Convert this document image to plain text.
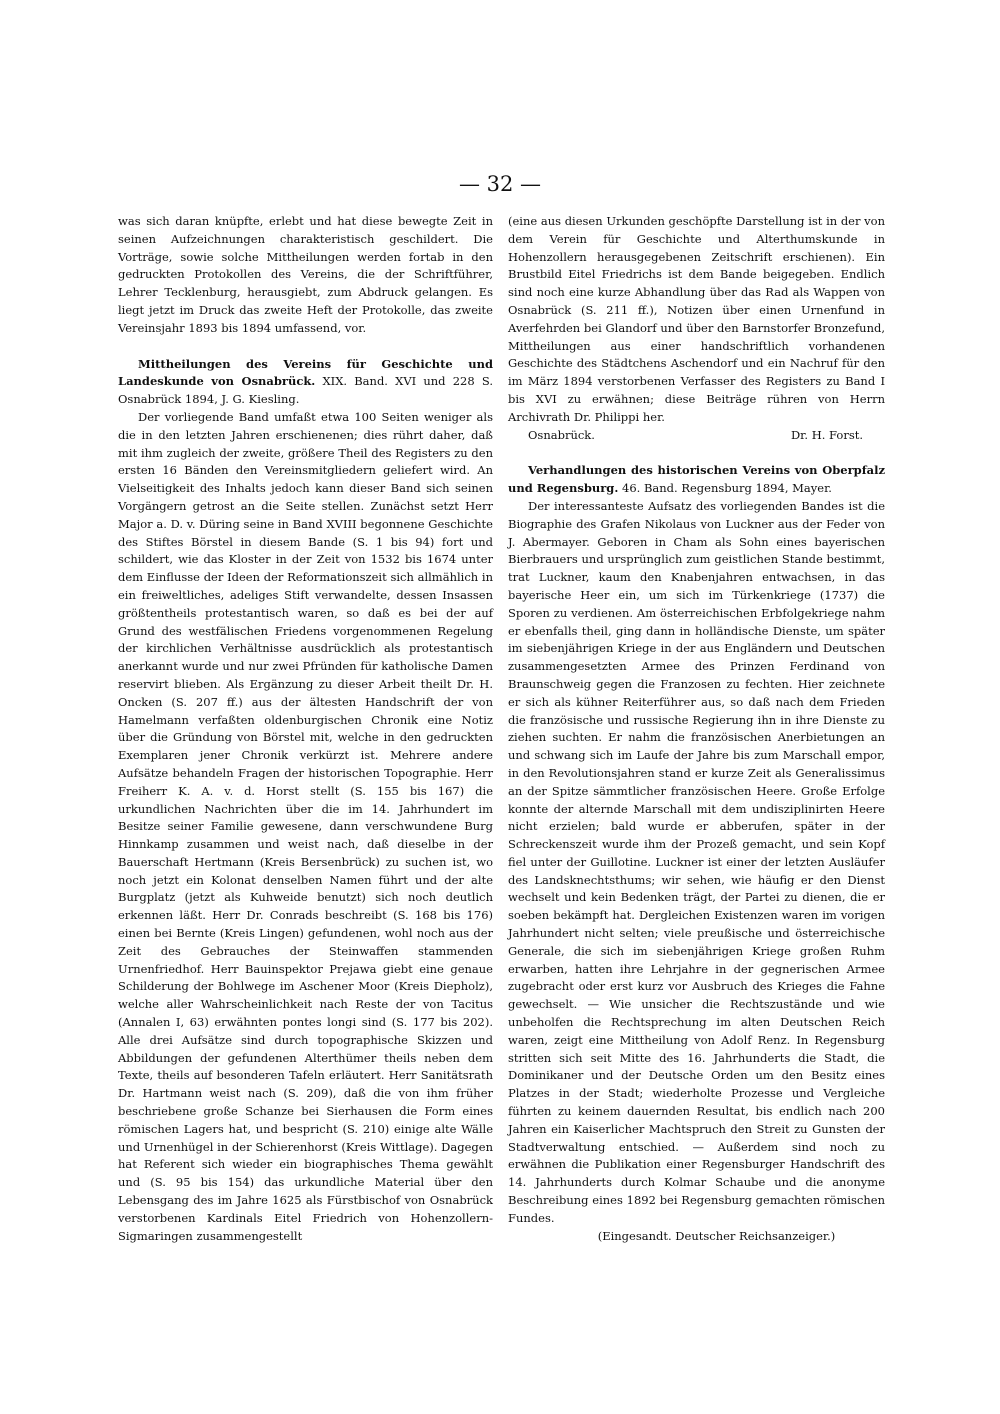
— 32 —

was sich daran knüpfte, erlebt und hat diese bewegte Zeit in seinen Aufzeichnungen charakteristisch geschildert. Die Vorträge, sowie solche Mittheilungen werden fortab in den gedruckten Protokollen des Vereins, die der Schriftführer, Lehrer Tecklenburg, herausgiebt, zum Abdruck gelangen. Es liegt jetzt im Druck das zweite Heft der Protokolle, das zweite Vereinsjahr 1893 bis 1894 umfassend, vor.

Mittheilungen des Vereins für Geschichte und Landeskunde von Osnabrück. XIX. Band. XVI und 228 S. Osnabrück 1894, J. G. Kiesling.

Der vorliegende Band umfaßt etwa 100 Seiten weniger als die in den letzten Jahren erschienenen; dies rührt daher, daß mit ihm zugleich der zweite, größere Theil des Registers zu den ersten 16 Bänden den Vereinsmitgliedern geliefert wird. An Vielseitigkeit des Inhalts jedoch kann dieser Band sich seinen Vorgängern getrost an die Seite stellen. Zunächst setzt Herr Major a. D. v. Düring seine in Band XVIII begonnene Geschichte des Stiftes Börstel in diesem Bande (S. 1 bis 94) fort und schildert, wie das Kloster in der Zeit von 1532 bis 1674 unter dem Einflusse der Ideen der Reformationszeit sich allmählich in ein freiweltliches, adeliges Stift verwandelte, dessen Insassen größtentheils protestantisch waren, so daß es bei der auf Grund des westfälischen Friedens vorgenommenen Regelung der kirchlichen Verhältnisse ausdrücklich als protestantisch anerkannt wurde und nur zwei Pfründen für katholische Damen reservirt blieben. Als Ergänzung zu dieser Arbeit theilt Dr. H. Oncken (S. 207 ff.) aus der ältesten Handschrift der von Hamelmann verfaßten oldenburgischen Chronik eine Notiz über die Gründung von Börstel mit, welche in den gedruckten Exemplaren jener Chronik verkürzt ist. Mehrere andere Aufsätze behandeln Fragen der historischen Topographie. Herr Freiherr K. A. v. d. Horst stellt (S. 155 bis 167) die urkundlichen Nachrichten über die im 14. Jahrhundert im Besitze seiner Familie gewesene, dann verschwundene Burg Hinnkamp zusammen und weist nach, daß dieselbe in der Bauerschaft Hertmann (Kreis Bersenbrück) zu suchen ist, wo noch jetzt ein Kolonat denselben Namen führt und der alte Burgplatz (jetzt als Kuhweide benutzt) sich noch deutlich erkennen läßt. Herr Dr. Conrads beschreibt (S. 168 bis 176) einen bei Bernte (Kreis Lingen) gefundenen, wohl noch aus der Zeit des Gebrauches der Steinwaffen stammenden Urnenfriedhof. Herr Bauinspektor Prejawa giebt eine genaue Schilderung der Bohlwege im Aschener Moor (Kreis Diepholz), welche aller Wahrscheinlichkeit nach Reste der von Tacitus (Annalen I, 63) erwähnten pontes longi sind (S. 177 bis 202). Alle drei Aufsätze sind durch topographische Skizzen und Abbildungen der gefundenen Alterthümer theils neben dem Texte, theils auf besonderen Tafeln erläutert. Herr Sanitätsrath Dr. Hartmann weist nach (S. 209), daß die von ihm früher beschriebene große Schanze bei Sierhausen die Form eines römischen Lagers hat, und bespricht (S. 210) einige alte Wälle und Urnenhügel in der Schierenhorst (Kreis Wittlage). Dagegen hat Referent sich wieder ein biographisches Thema gewählt und (S. 95 bis 154) das urkundliche Material über den Lebensgang des im Jahre 1625 als Fürstbischof von Osnabrück verstorbenen Kardinals Eitel Friedrich von Hohenzollern-Sigmaringen zusammengestellt

(eine aus diesen Urkunden geschöpfte Darstellung ist in der von dem Verein für Geschichte und Alterthumskunde in Hohenzollern herausgegebenen Zeitschrift erschienen). Ein Brustbild Eitel Friedrichs ist dem Bande beigegeben. Endlich sind noch eine kurze Abhandlung über das Rad als Wappen von Osnabrück (S. 211 ff.), Notizen über einen Urnenfund in Averfehrden bei Glandorf und über den Barnstorfer Bronzefund, Mittheilungen aus einer handschriftlich vorhandenen Geschichte des Städtchens Aschendorf und ein Nachruf für den im März 1894 verstorbenen Verfasser des Registers zu Band I bis XVI zu erwähnen; diese Beiträge rühren von Herrn Archivrath Dr. Philippi her.

Osnabrück.	Dr. H. Forst.

Verhandlungen des historischen Vereins von Oberpfalz und Regensburg. 46. Band. Regensburg 1894, Mayer.

Der interessanteste Aufsatz des vorliegenden Bandes ist die Biographie des Grafen Nikolaus von Luckner aus der Feder von J. Abermayer. Geboren in Cham als Sohn eines bayerischen Bierbrauers und ursprünglich zum geistlichen Stande bestimmt, trat Luckner, kaum den Knabenjahren entwachsen, in das bayerische Heer ein, um sich im Türkenkriege (1737) die Sporen zu verdienen. Am österreichischen Erbfolgekriege nahm er ebenfalls theil, ging dann in holländische Dienste, um später im siebenjährigen Kriege in der aus Engländern und Deutschen zusammengesetzten Armee des Prinzen Ferdinand von Braunschweig gegen die Franzosen zu fechten. Hier zeichnete er sich als kühner Reiterführer aus, so daß nach dem Frieden die französische und russische Regierung ihn in ihre Dienste zu ziehen suchten. Er nahm die französischen Anerbietungen an und schwang sich im Laufe der Jahre bis zum Marschall empor, in den Revolutionsjahren stand er kurze Zeit als Generalissimus an der Spitze sämmtlicher französischen Heere. Große Erfolge konnte der alternde Marschall mit dem undisziplinirten Heere nicht erzielen; bald wurde er abberufen, später in der Schreckenszeit wurde ihm der Prozeß gemacht, und sein Kopf fiel unter der Guillotine. Luckner ist einer der letzten Ausläufer des Landsknechtsthums; wir sehen, wie häufig er den Dienst wechselt und kein Bedenken trägt, der Partei zu dienen, die er soeben bekämpft hat. Dergleichen Existenzen waren im vorigen Jahrhundert nicht selten; viele preußische und österreichische Generale, die sich im siebenjährigen Kriege großen Ruhm erwarben, hatten ihre Lehrjahre in der gegnerischen Armee zugebracht oder erst kurz vor Ausbruch des Krieges die Fahne gewechselt. — Wie unsicher die Rechtszustände und wie unbeholfen die Rechtsprechung im alten Deutschen Reich waren, zeigt eine Mittheilung von Adolf Renz. In Regensburg stritten sich seit Mitte des 16. Jahrhunderts die Stadt, die Dominikaner und der Deutsche Orden um den Besitz eines Platzes in der Stadt; wiederholte Prozesse und Vergleiche führten zu keinem dauernden Resultat, bis endlich nach 200 Jahren ein Kaiserlicher Machtspruch den Streit zu Gunsten der Stadtverwaltung entschied. — Außerdem sind noch zu erwähnen die Publikation einer Regensburger Handschrift des 14. Jahrhunderts durch Kolmar Schaube und die anonyme Beschreibung eines 1892 bei Regensburg gemachten römischen Fundes.

(Eingesandt. Deutscher Reichsanzeiger.)
